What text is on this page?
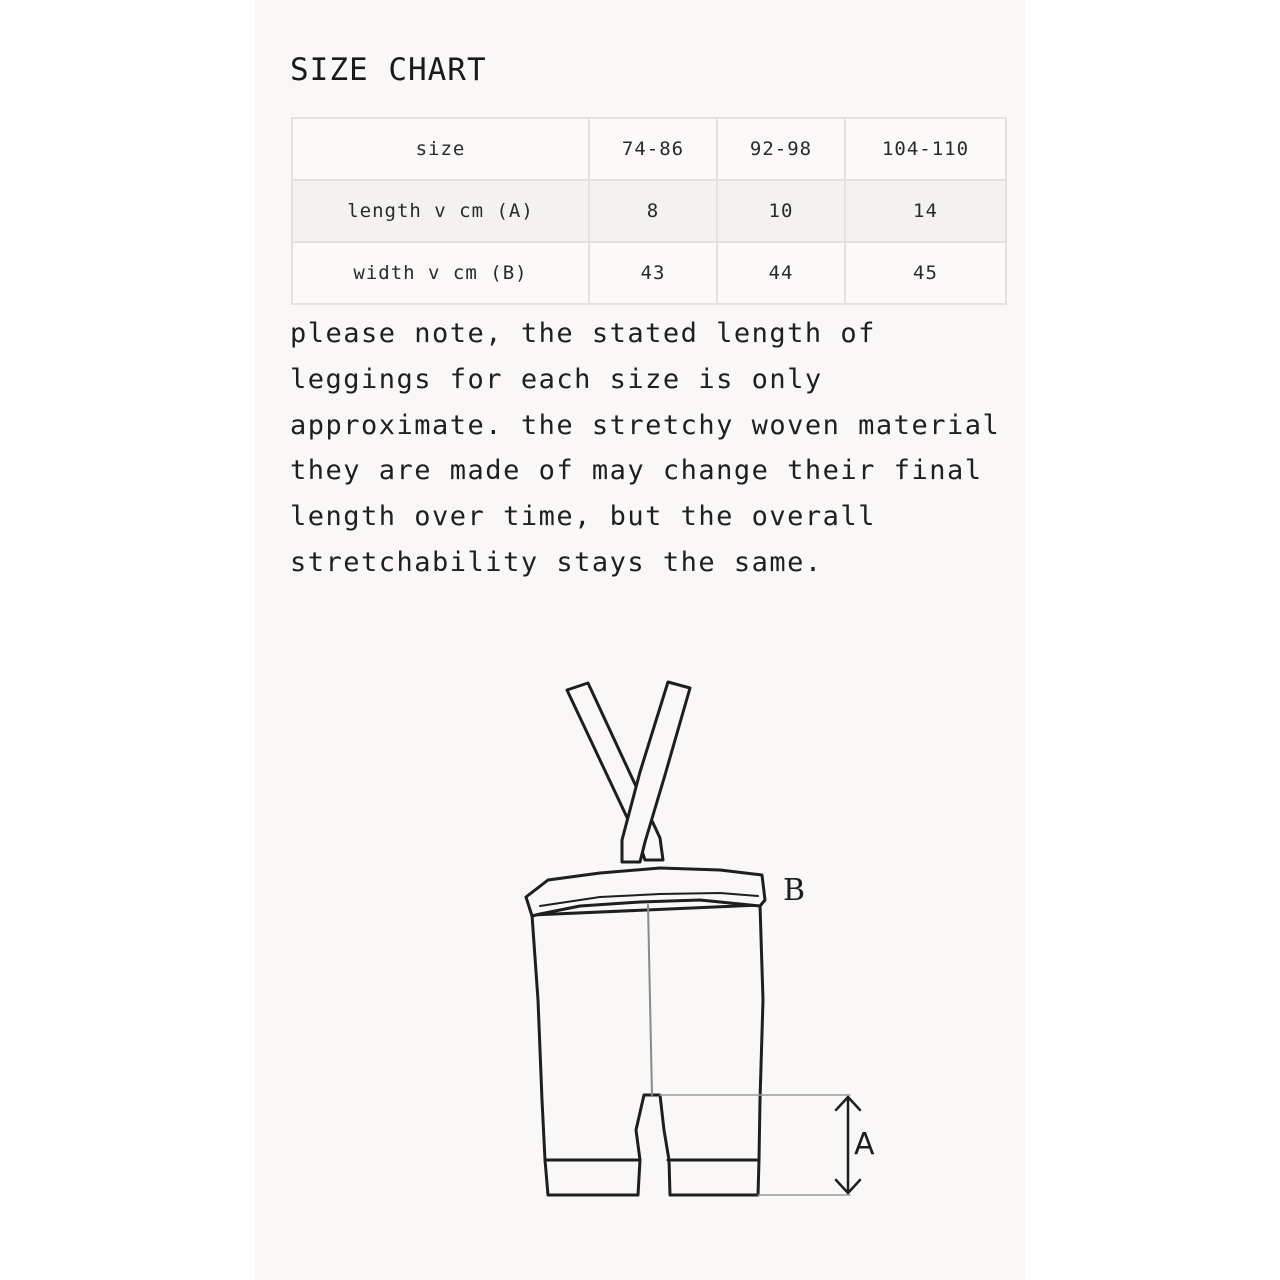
SIZE CHART
size	74-86	92-98	104-110
length v cm (A)	8	10	14
width v cm (B)	43	44	45

please note, the stated length of leggings for each size is only approximate. the stretchy woven material they are made of may change their final length over time, but the overall stretchability stays the same.

B
A
